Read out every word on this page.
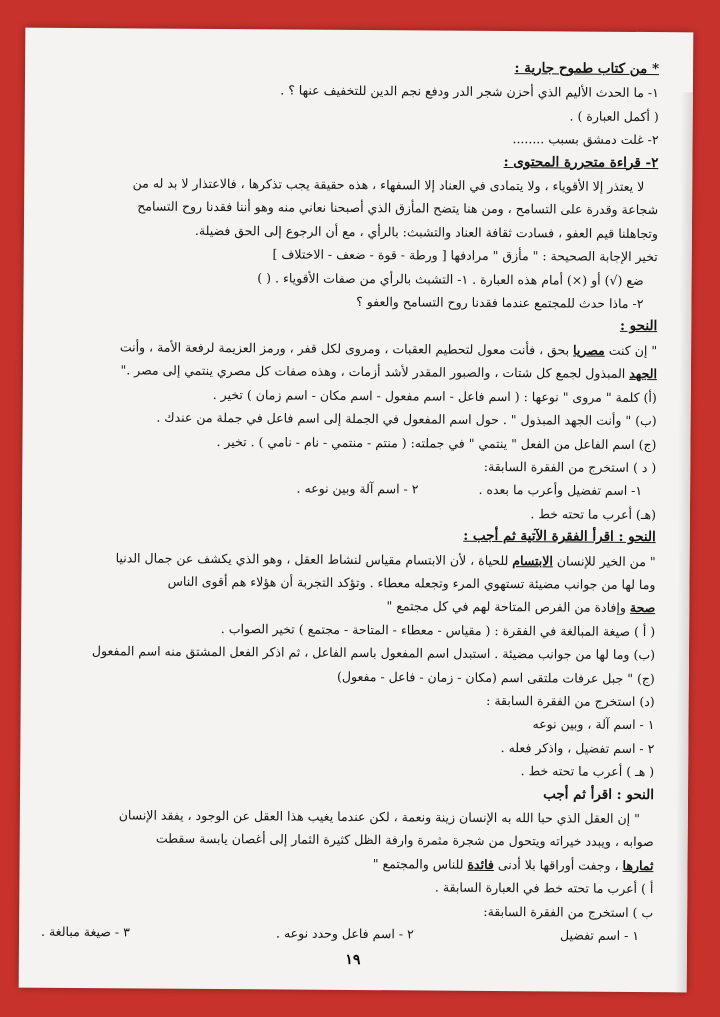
* من كتاب طموح جارية :
١- ما الحدث الأليم الذي أحزن شجر الدر ودفع نجم الدين للتخفيف عنها ؟ .
( أكمل العبارة ) .
٢- غلت دمشق بسبب ........
٢- قراءة متحررة المحتوى :
لا يعتذر إلا الأقوياء ، ولا يتمادى في العناد إلا السفهاء ، هذه حقيقة يجب تذكرها ، فالاعتذار لا بد له من
شجاعة وقدرة على التسامح ، ومن هنا يتضح المأزق الذي أصبحنا نعاني منه وهو أننا فقدنا روح التسامح
وتجاهلنا قيم العفو ، فسادت ثقافة العناد والتشبث: بالرأي ، مع أن الرجوع إلى الحق فضيلة.
تخير الإجابة الصحيحة : " مأزق " مرادفها [ ورطة - قوة - ضعف - الاختلاف ]
ضع (√) أو (×) أمام هذه العبارة . ١- التشبث بالرأي من صفات الأقوياء . ( )
٢- ماذا حدث للمجتمع عندما فقدنا روح التسامح والعفو ؟
النحو :
" إن كنت مصريا بحق ، فأنت معول لتحطيم العقبات ، ومروى لكل قفر ، ورمز العزيمة لرفعة الأمة ، وأنت
الجهد المبذول لجمع كل شتات ، والصبور المقدر لأشد أزمات ، وهذه صفات كل مصري ينتمي إلى مصر ."
(أ) كلمة " مروى " نوعها : ( اسم فاعل - اسم مفعول - اسم مكان - اسم زمان ) تخير .
(ب) " وأنت الجهد المبذول " . حول اسم المفعول في الجملة إلى اسم فاعل في جملة من عندك .
(ج) اسم الفاعل من الفعل " ينتمي " في جملته: ( منتم - منتمي - نام - نامي ) . تخير .
( د ) استخرج من الفقرة السابقة:
١- اسم تفضيل وأعرب ما بعده .
٢ - اسم آلة وبين نوعه .
(هـ) أعرب ما تحته خط .
النحو : اقرأ الفقرة الآتية ثم أجب :
" من الخير للإنسان الابتسام للحياة ، لأن الابتسام مقياس لنشاط العقل ، وهو الذي يكشف عن جمال الدنيا
وما لها من جوانب مضيئة تستهوي المرء وتجعله معطاء . وتؤكد التجربة أن هؤلاء هم أقوى الناس
صحة وإفادة من الفرص المتاحة لهم في كل مجتمع "
( أ ) صيغة المبالغة في الفقرة : ( مقياس - معطاء - المتاحة - مجتمع ) تخير الصواب .
(ب) وما لها من جوانب مضيئة . استبدل اسم المفعول باسم الفاعل ، ثم اذكر الفعل المشتق منه اسم المفعول
(ج) " جبل عرفات ملتقى اسم (مكان - زمان - فاعل - مفعول)
(د) استخرج من الفقرة السابقة :
١ - اسم آلة ، وبين نوعه
٢ - اسم تفضيل ، واذكر فعله .
( هـ ) أعرب ما تحته خط .
النحو : اقرأ ثم أجب
" إن العقل الذي حبا الله به الإنسان زينة ونعمة ، لكن عندما يغيب هذا العقل عن الوجود ، يفقد الإنسان
صوابه ، ويبدد خيراته ويتحول من شجرة مثمرة وارفة الظل كثيرة الثمار إلى أغصان يابسة سقطت
ثمارها ، وجفت أوراقها بلا أدنى فائدة للناس والمجتمع "
أ ) أعرب ما تحته خط في العبارة السابقة .
ب ) استخرج من الفقرة السابقة:
١ - اسم تفضيل
٢ - اسم فاعل وحدد نوعه .
٣ - صيغة مبالغة .
١٩
